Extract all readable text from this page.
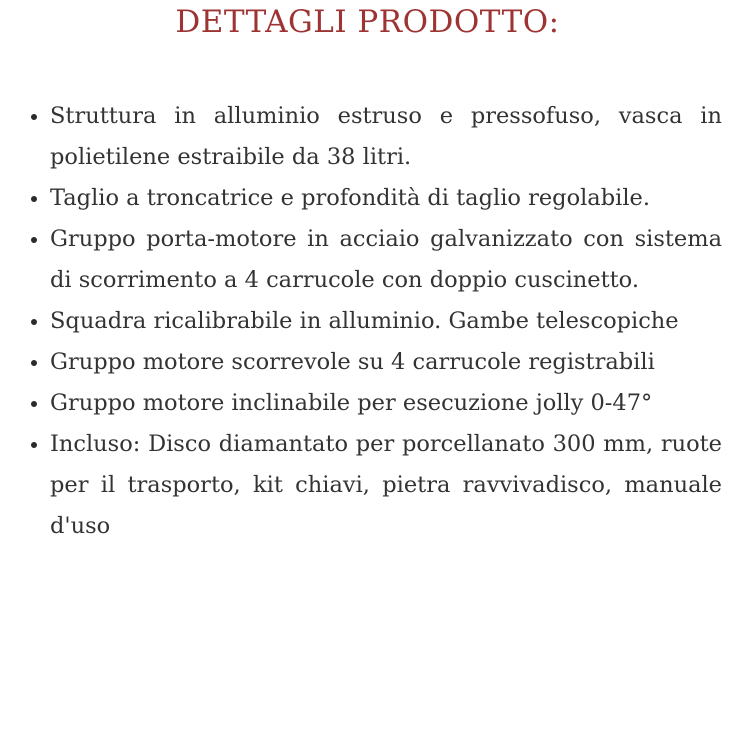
DETTAGLI PRODOTTO:
• Struttura in alluminio estruso e pressofuso, vasca in polietilene estraibile da 38 litri.
• Taglio a troncatrice e profondità di taglio regolabile.
• Gruppo porta-motore in acciaio galvanizzato con sistema di scorrimento a 4 carrucole con doppio cuscinetto.
• Squadra ricalibrabile in alluminio. Gambe telescopiche
• Gruppo motore scorrevole su 4 carrucole registrabili
• Gruppo motore inclinabile per esecuzione jolly 0-47°
• Incluso: Disco diamantato per porcellanato 300 mm, ruote per il trasporto, kit chiavi, pietra ravvivadisco, manuale d'uso
